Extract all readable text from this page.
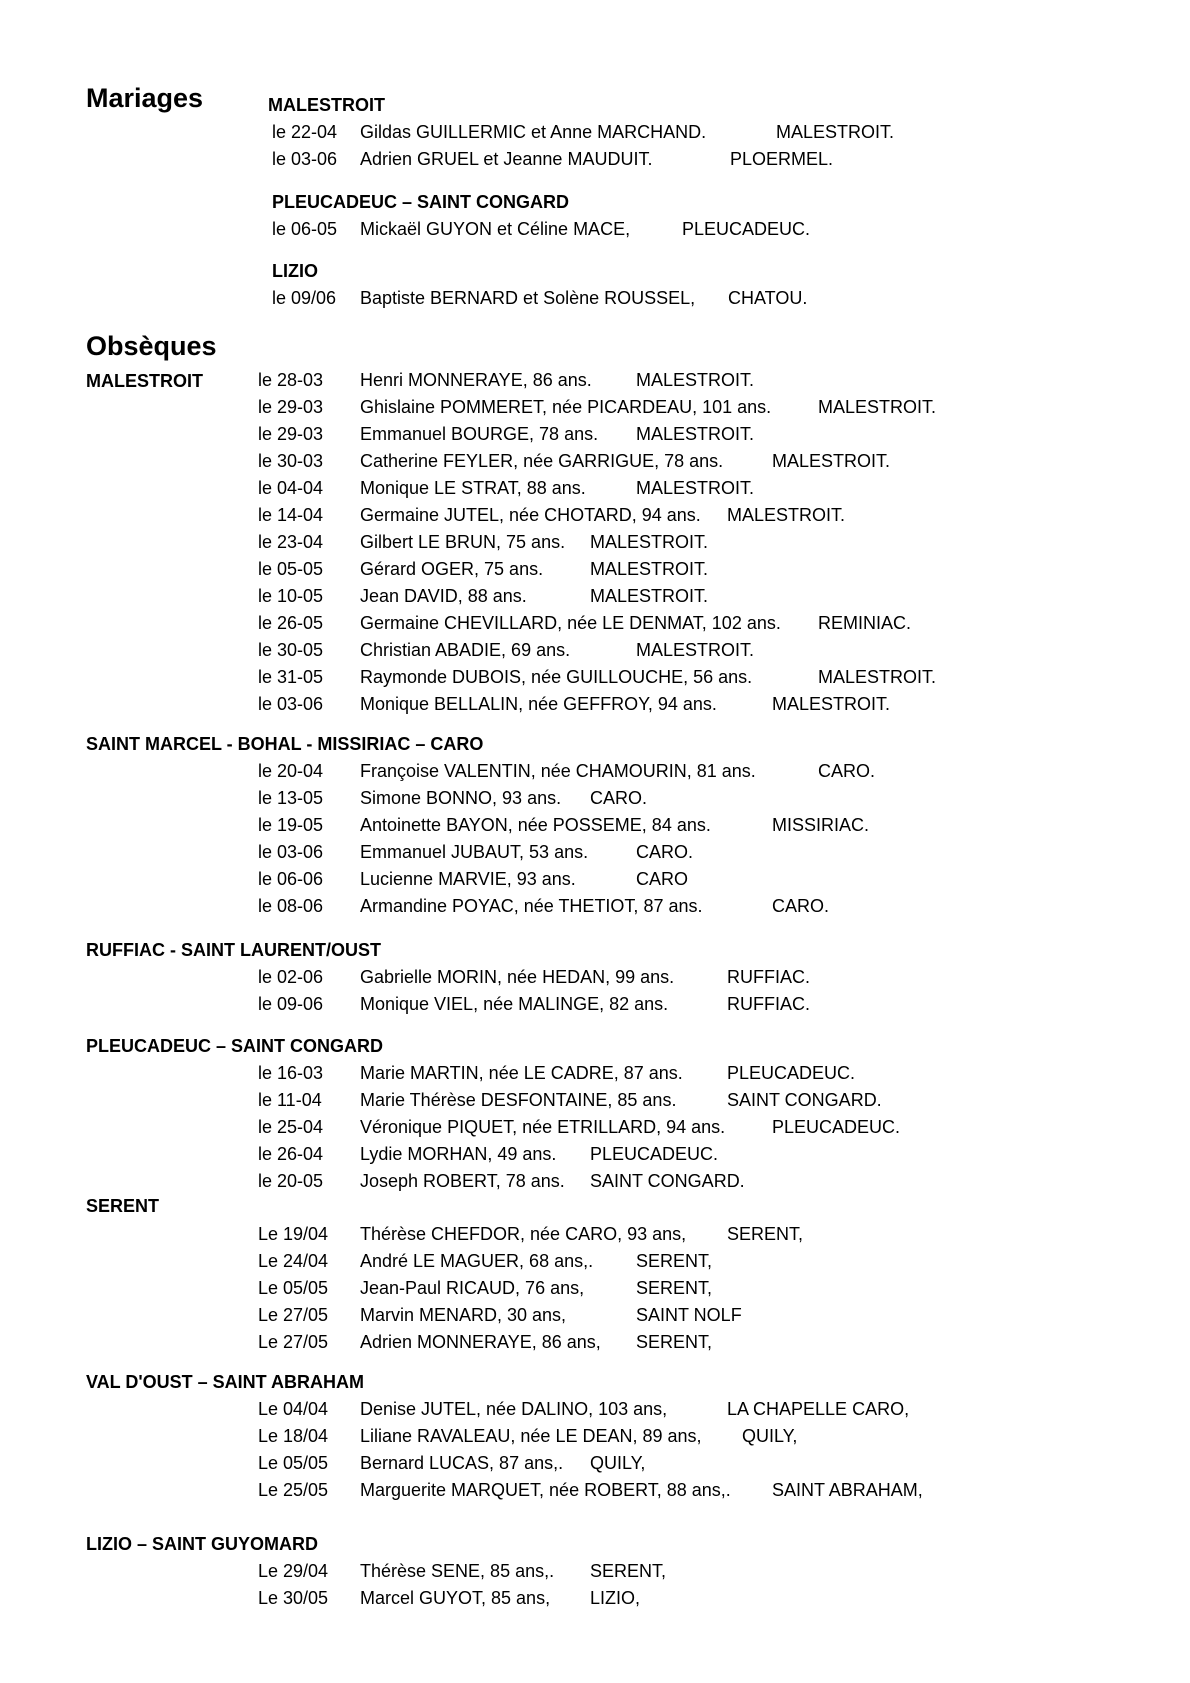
Mariages
Obsèques
MALESTROIT
le 22-04 Gildas GUILLERMIC et Anne MARCHAND.	MALESTROIT.
le 03-06 Adrien GRUEL et Jeanne MAUDUIT.	PLOERMEL.
PLEUCADEUC – SAINT CONGARD
le 06-05 Mickaël GUYON et Céline MACE,	PLEUCADEUC.
LIZIO
le 09/06 Baptiste BERNARD et Solène ROUSSEL, CHATOU.
MALESTROIT	le 28-03 Henri MONNERAYE, 86 ans. MALESTROIT.
le 29-03 Ghislaine POMMERET, née PICARDEAU, 101 ans.	MALESTROIT.
le 29-03 Emmanuel BOURGE, 78 ans. MALESTROIT.
le 30-03 Catherine FEYLER, née GARRIGUE, 78 ans.	MALESTROIT.
le 04-04 Monique LE STRAT, 88 ans.	MALESTROIT.
le 14-04 Germaine JUTEL, née CHOTARD, 94 ans. MALESTROIT.
le 23-04 Gilbert LE BRUN, 75 ans. MALESTROIT.
le 05-05 Gérard OGER, 75 ans.	MALESTROIT.
le 10-05 Jean DAVID, 88 ans.	MALESTROIT.
le 26-05 Germaine CHEVILLARD, née LE DENMAT, 102 ans. REMINIAC.
le 30-05 Christian ABADIE, 69 ans.	MALESTROIT.
le 31-05 Raymonde DUBOIS, née GUILLOUCHE, 56 ans.	MALESTROIT.
le 03-06 Monique BELLALIN, née GEFFROY, 94 ans.	MALESTROIT.
SAINT MARCEL - BOHAL - MISSIRIAC – CARO
le 20-04 Françoise VALENTIN, née CHAMOURIN, 81 ans.	CARO.
le 13-05 Simone BONNO, 93 ans. CARO.
le 19-05 Antoinette BAYON, née POSSEME, 84 ans.	MISSIRIAC.
le 03-06 Emmanuel JUBAUT, 53 ans.	CARO.
le 06-06 Lucienne MARVIE, 93 ans.	CARO
le 08-06 Armandine POYAC, née THETIOT, 87 ans.	CARO.
RUFFIAC - SAINT LAURENT/OUST
le 02-06 Gabrielle MORIN, née HEDAN, 99 ans.	RUFFIAC.
le 09-06 Monique VIEL, née MALINGE, 82 ans.	RUFFIAC.
PLEUCADEUC – SAINT CONGARD
le 16-03 Marie MARTIN, née LE CADRE, 87 ans. PLEUCADEUC.
le 11-04 Marie Thérèse DESFONTAINE, 85 ans.	SAINT CONGARD.
le 25-04 Véronique PIQUET, née ETRILLARD, 94 ans.	PLEUCADEUC.
le 26-04 Lydie MORHAN, 49 ans. PLEUCADEUC.
le 20-05 Joseph ROBERT, 78 ans. SAINT CONGARD.
SERENT
Le 19/04 Thérèse CHEFDOR, née CARO, 93 ans, SERENT,
Le 24/04 André LE MAGUER, 68 ans,. SERENT,
Le 05/05 Jean-Paul RICAUD, 76 ans,	SERENT,
Le 27/05 Marvin MENARD, 30 ans,	SAINT NOLF
Le 27/05 Adrien MONNERAYE, 86 ans, SERENT,
VAL D'OUST – SAINT ABRAHAM
Le 04/04 Denise JUTEL, née DALINO, 103 ans,	LA CHAPELLE CARO,
Le 18/04 Liliane RAVALEAU, née LE DEAN, 89 ans, QUILY,
Le 05/05 Bernard LUCAS, 87 ans,. QUILY,
Le 25/05 Marguerite MARQUET, née ROBERT, 88 ans,. SAINT ABRAHAM,
LIZIO – SAINT GUYOMARD
Le 29/04 Thérèse SENE, 85 ans,. SERENT,
Le 30/05 Marcel GUYOT, 85 ans, LIZIO,
